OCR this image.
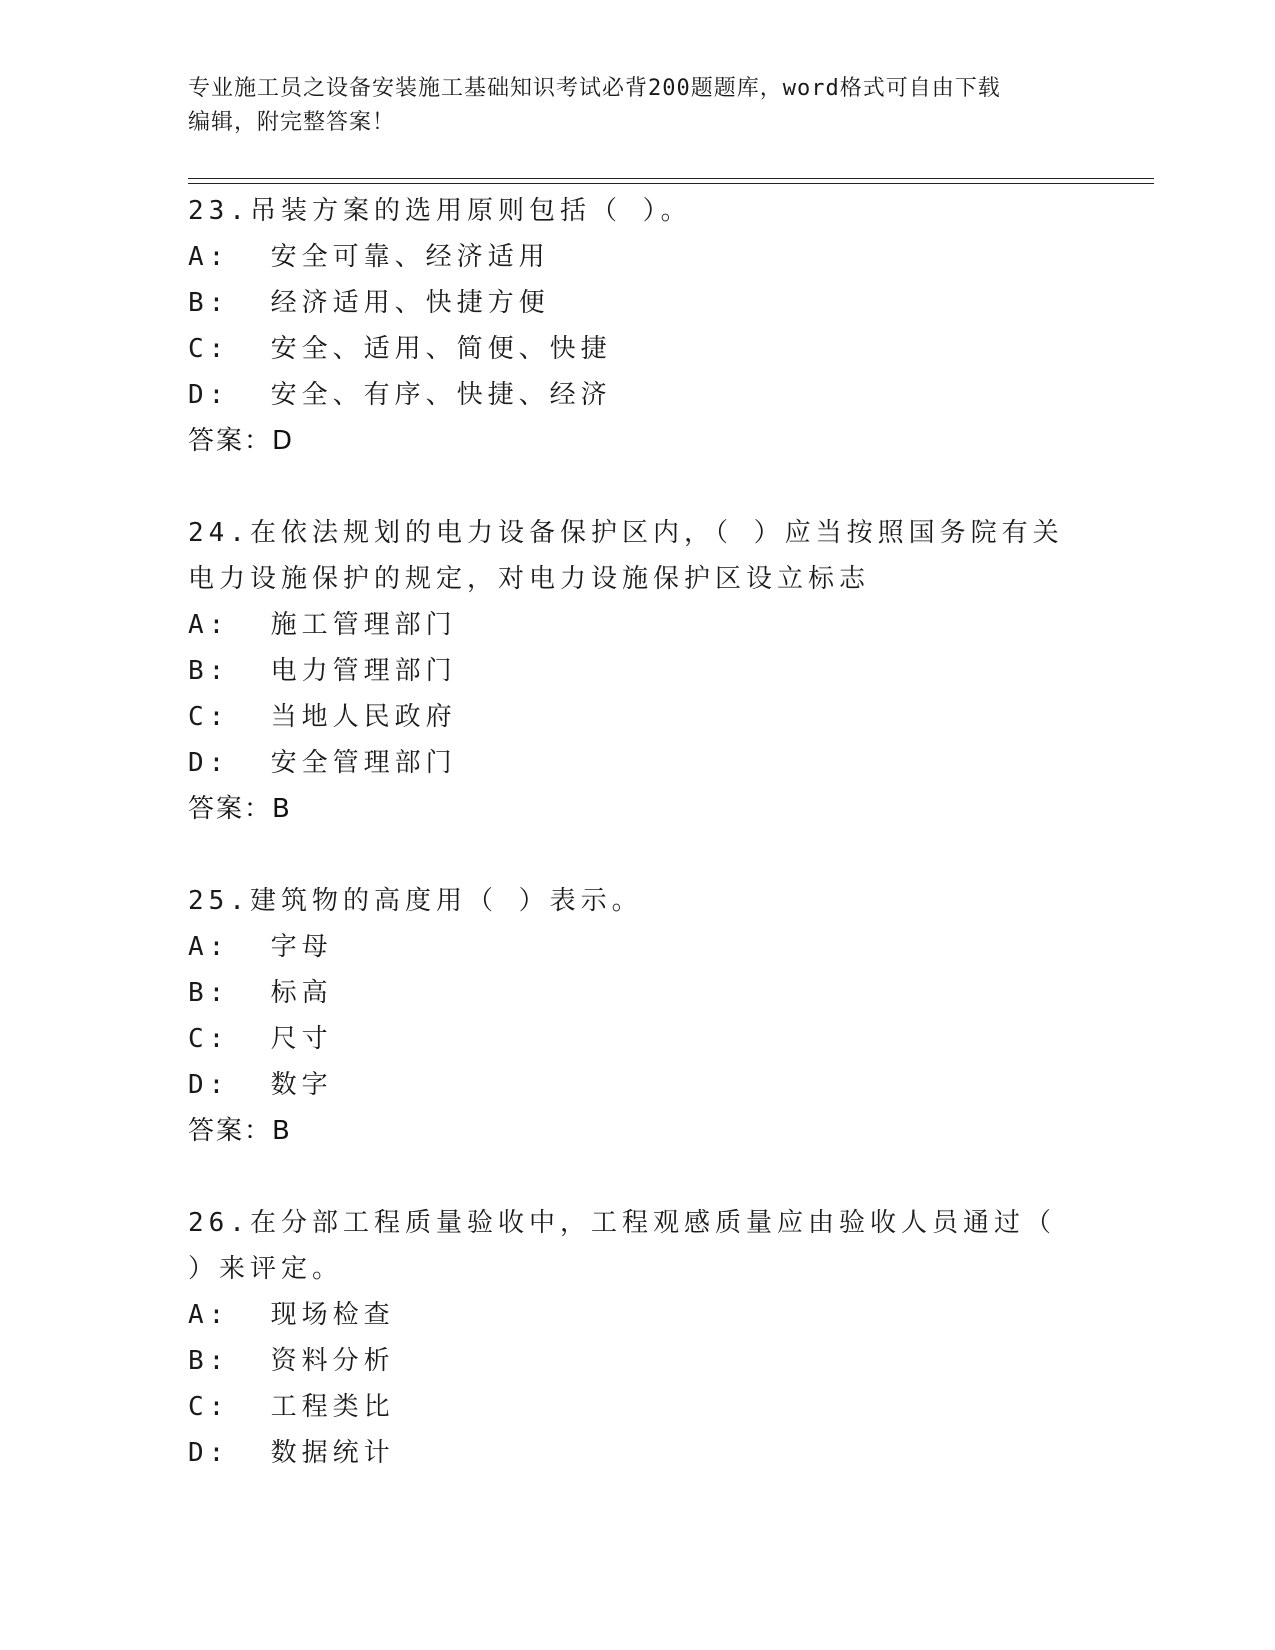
专业施工员之设备安装施工基础知识考试必背200题题库，word格式可自由下载
编辑，附完整答案！

23.吊装方案的选用原则包括（ ）。

A:  安全可靠、经济适用

B:  经济适用、快捷方便

C:  安全、适用、简便、快捷

D:  安全、有序、快捷、经济

答案：D

24.在依法规划的电力设备保护区内，（ ）应当按照国务院有关电力设施保护的规定，对电力设施保护区设立标志

A:  施工管理部门

B:  电力管理部门

C:  当地人民政府

D:  安全管理部门

答案：B

25.建筑物的高度用（ ）表示。

A:  字母

B:  标高

C:  尺寸

D:  数字

答案：B

26.在分部工程质量验收中，工程观感质量应由验收人员通过（ ）来评定。

A:  现场检查

B:  资料分析

C:  工程类比

D:  数据统计
